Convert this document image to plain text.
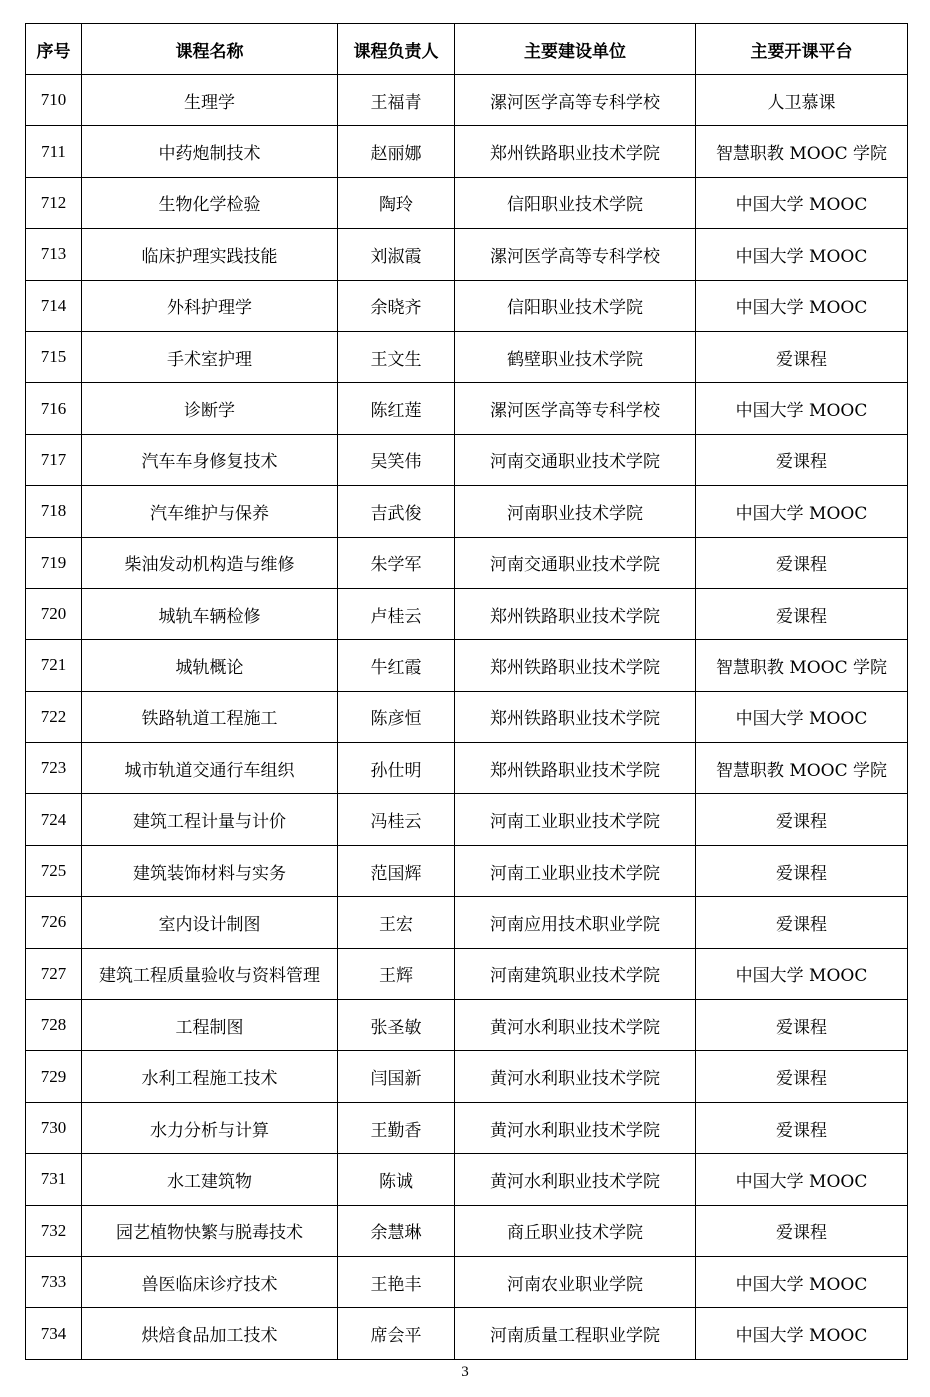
序号	课程名称	课程负责人	主要建设单位	主要开课平台
710	生理学	王福青	漯河医学高等专科学校	人卫慕课
711	中药炮制技术	赵丽娜	郑州铁路职业技术学院	智慧职教 MOOC 学院
712	生物化学检验	陶玲	信阳职业技术学院	中国大学 MOOC
713	临床护理实践技能	刘淑霞	漯河医学高等专科学校	中国大学 MOOC
714	外科护理学	余晓齐	信阳职业技术学院	中国大学 MOOC
715	手术室护理	王文生	鹤壁职业技术学院	爱课程
716	诊断学	陈红莲	漯河医学高等专科学校	中国大学 MOOC
717	汽车车身修复技术	吴笑伟	河南交通职业技术学院	爱课程
718	汽车维护与保养	吉武俊	河南职业技术学院	中国大学 MOOC
719	柴油发动机构造与维修	朱学军	河南交通职业技术学院	爱课程
720	城轨车辆检修	卢桂云	郑州铁路职业技术学院	爱课程
721	城轨概论	牛红霞	郑州铁路职业技术学院	智慧职教 MOOC 学院
722	铁路轨道工程施工	陈彦恒	郑州铁路职业技术学院	中国大学 MOOC
723	城市轨道交通行车组织	孙仕明	郑州铁路职业技术学院	智慧职教 MOOC 学院
724	建筑工程计量与计价	冯桂云	河南工业职业技术学院	爱课程
725	建筑装饰材料与实务	范国辉	河南工业职业技术学院	爱课程
726	室内设计制图	王宏	河南应用技术职业学院	爱课程
727	建筑工程质量验收与资料管理	王辉	河南建筑职业技术学院	中国大学 MOOC
728	工程制图	张圣敏	黄河水利职业技术学院	爱课程
729	水利工程施工技术	闫国新	黄河水利职业技术学院	爱课程
730	水力分析与计算	王勤香	黄河水利职业技术学院	爱课程
731	水工建筑物	陈诚	黄河水利职业技术学院	中国大学 MOOC
732	园艺植物快繁与脱毒技术	余慧琳	商丘职业技术学院	爱课程
733	兽医临床诊疗技术	王艳丰	河南农业职业学院	中国大学 MOOC
734	烘焙食品加工技术	席会平	河南质量工程职业学院	中国大学 MOOC
3
